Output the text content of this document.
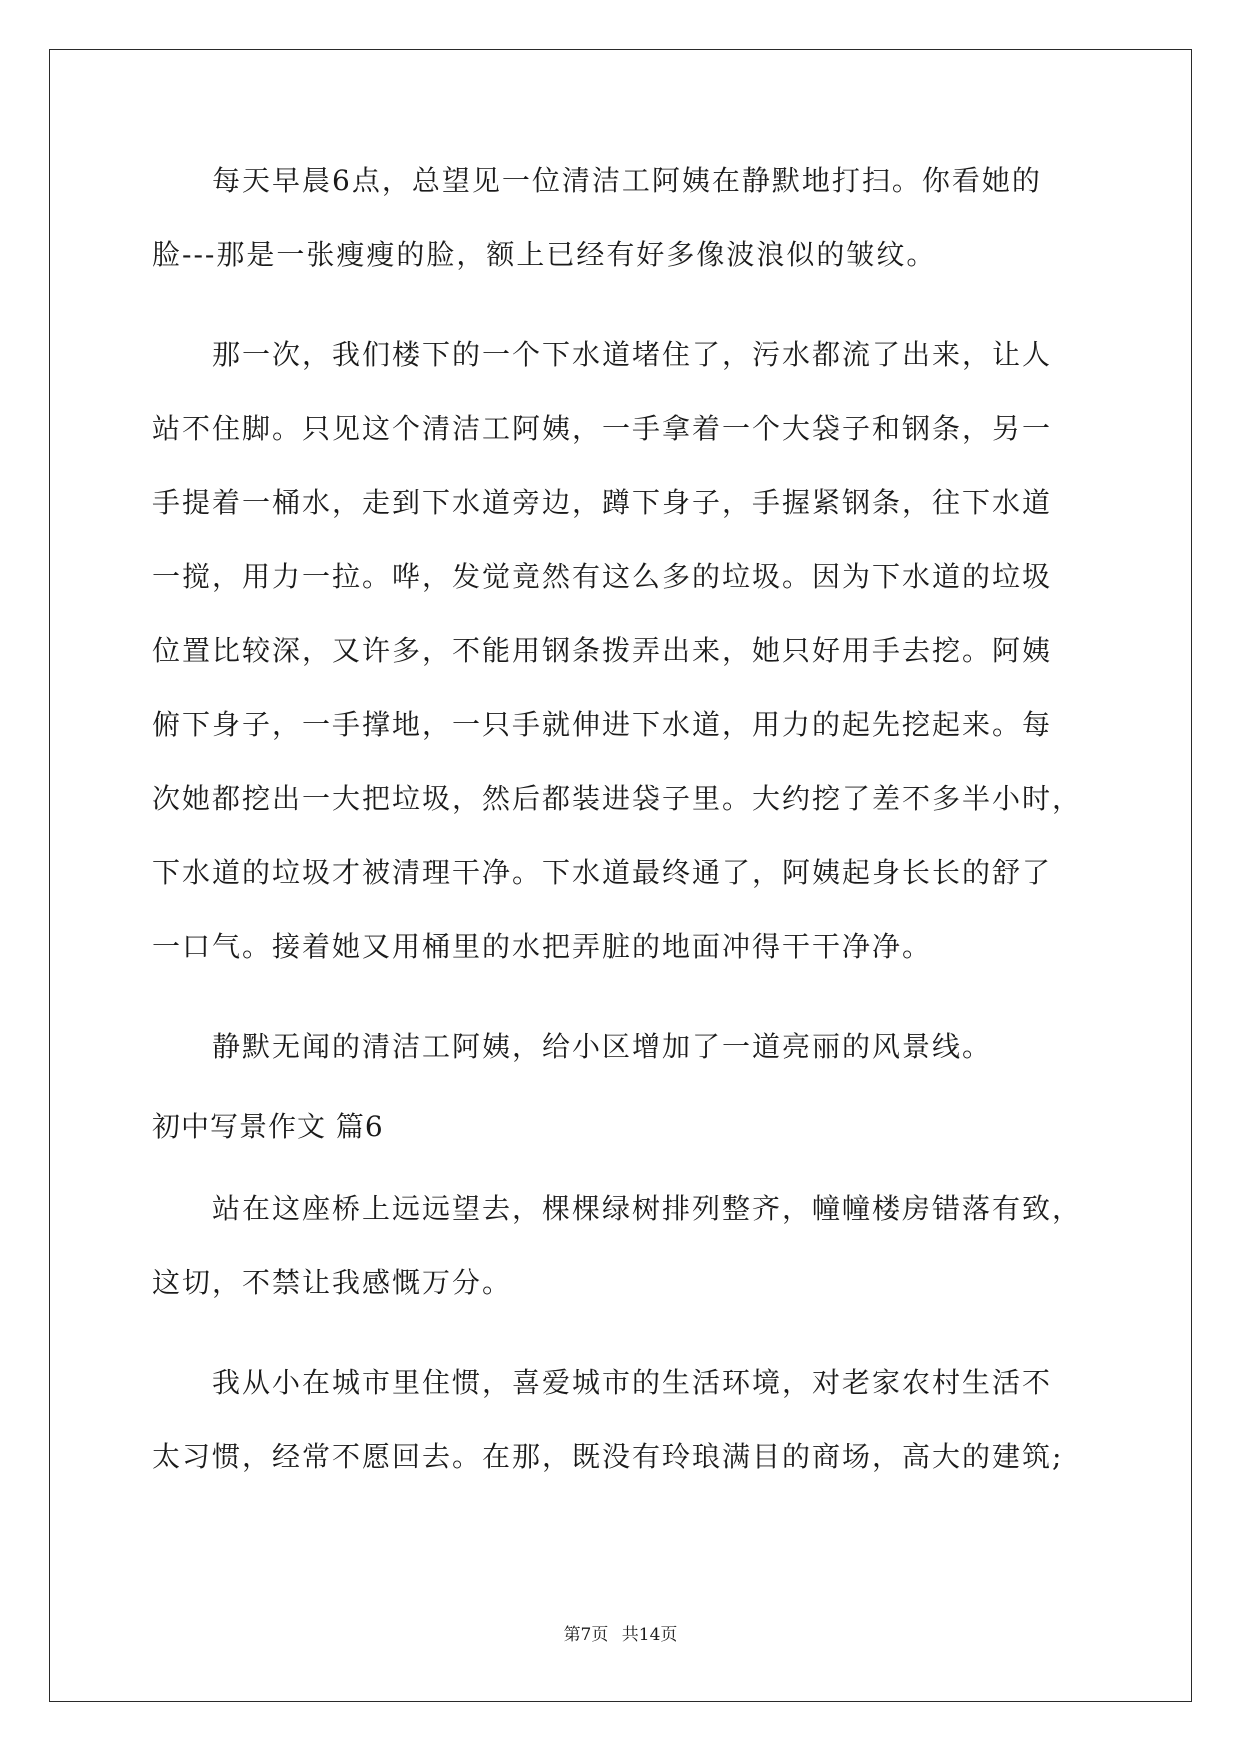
　　每天早晨6点，总望见一位清洁工阿姨在静默地打扫。你看她的

脸---那是一张瘦瘦的脸，额上已经有好多像波浪似的皱纹。

　　那一次，我们楼下的一个下水道堵住了，污水都流了出来，让人

站不住脚。只见这个清洁工阿姨，一手拿着一个大袋子和钢条，另一

手提着一桶水，走到下水道旁边，蹲下身子，手握紧钢条，往下水道

一搅，用力一拉。哗，发觉竟然有这么多的垃圾。因为下水道的垃圾

位置比较深，又许多，不能用钢条拨弄出来，她只好用手去挖。阿姨

俯下身子，一手撑地，一只手就伸进下水道，用力的起先挖起来。每

次她都挖出一大把垃圾，然后都装进袋子里。大约挖了差不多半小时，

下水道的垃圾才被清理干净。下水道最终通了，阿姨起身长长的舒了

一口气。接着她又用桶里的水把弄脏的地面冲得干干净净。

　　静默无闻的清洁工阿姨，给小区增加了一道亮丽的风景线。

初中写景作文 篇6

　　站在这座桥上远远望去，棵棵绿树排列整齐，幢幢楼房错落有致，

这切，不禁让我感慨万分。

　　我从小在城市里住惯，喜爱城市的生活环境，对老家农村生活不

太习惯，经常不愿回去。在那，既没有玲琅满目的商场，高大的建筑;

第7页 共14页
